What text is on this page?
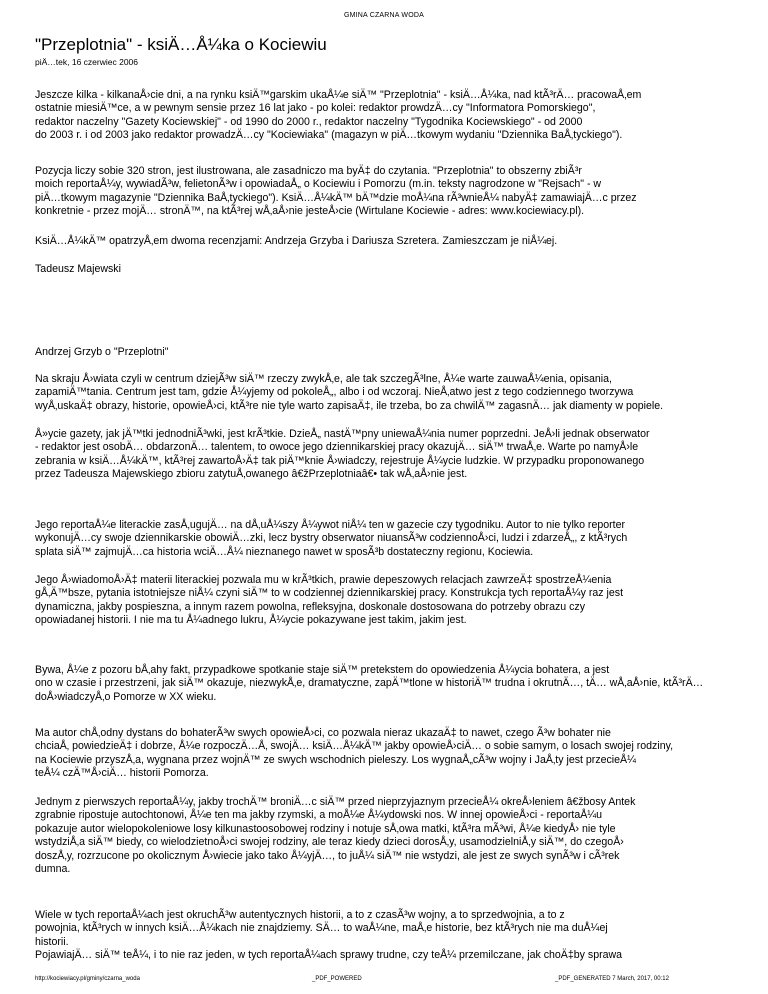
GMINA CZARNA WODA
"Przeplotnia" - ksiÄ…Å¼ka o Kociewiu
piÄ…tek, 16 czerwiec 2006
Jeszcze kilka - kilkanaÅ›cie dni, a na rynku ksiÄ™garskim ukaÅ¼e siÄ™ "Przeplotnia" - ksiÄ…Å¼ka, nad ktÃ³rÄ… pracowaÅ‚em
ostatnie miesiÄ™ce, a w pewnym sensie przez 16 lat jako - po kolei: redaktor prowdzÄ…cy "Informatora Pomorskiego",
redaktor naczelny "Gazety Kociewskiej" - od 1990 do 2000 r., redaktor naczelny "Tygodnika Kociewskiego" - od 2000
do 2003 r. i od 2003 jako redaktor prowadzÄ…cy "Kociewiaka" (magazyn w piÄ…tkowym wydaniu "Dziennika BaÅ‚tyckiego").
Pozycja liczy sobie 320 stron, jest ilustrowana, ale zasadniczo ma byÄ‡ do czytania. "Przeplotnia" to obszerny zbiÃ³r
moich reportaÅ¼y, wywiadÃ³w, felietonÃ³w i opowiadaÅ„ o Kociewiu i Pomorzu (m.in. teksty nagrodzone w "Rejsach" - w
piÄ…tkowym magazynie "Dziennika BaÅ‚tyckiego"). KsiÄ…Å¼kÄ™ bÄ™dzie moÅ¼na rÃ³wnieÅ¼ nabyÄ‡ zamawiajÄ…c przez
konkretnie - przez mojÄ… stronÄ™, na ktÃ³rej wÅ‚aÅ›nie jesteÅ›cie (Wirtulane Kociewie - adres: www.kociewiacy.pl).
KsiÄ…Å¼kÄ™ opatrzyÅ‚em dwoma recenzjami: Andrzeja Grzyba i Dariusza Szretera. Zamieszczam je niÅ¼ej.
Tadeusz Majewski
Andrzej Grzyb o "Przeplotni"
Na skraju Å›wiata czyli w centrum dziejÃ³w siÄ™ rzeczy zwykÅ‚e, ale tak szczegÃ³lne, Å¼e warte zauwaÅ¼enia, opisania,
zapamiÄ™tania. Centrum jest tam, gdzie Å¼yjemy od pokoleÅ„, albo i od wczoraj. NieÅ‚atwo jest z tego codziennego tworzywa
wyÅ‚uskaÄ‡ obrazy, historie, opowieÅ›ci, ktÃ³re nie tyle warto zapisaÄ‡, ile trzeba, bo za chwilÄ™ zagasnÄ… jak diamenty w popiele.
Å»ycie gazety, jak jÄ™tki jednodniÃ³wki, jest krÃ³tkie. DzieÅ„ nastÄ™pny uniewaÅ¼nia numer poprzedni. JeÅ›li jednak obserwator
- redaktor jest osobÄ… obdarzonÄ… talentem, to owoce jego dziennikarskiej pracy okazujÄ… siÄ™ trwaÅ‚e. Warte po namyÅ›le
zebrania w ksiÄ…Å¼kÄ™, ktÃ³rej zawartoÅ›Ä‡ tak piÄ™knie Å›wiadczy, rejestruje Å¼ycie ludzkie. W przypadku proponowanego
przez Tadeusza Majewskiego zbioru zatytuÅ‚owanego â€žPrzeplotniaâ€• tak wÅ‚aÅ›nie jest.
Jego reportaÅ¼e literackie zasÅ‚ugujÄ… na dÅ‚uÅ¼szy Å¼ywot niÅ¼ ten w gazecie czy tygodniku. Autor to nie tylko reporter
wykonujÄ…cy swoje dziennikarskie obowiÄ…zki, lecz bystry obserwator niuansÃ³w codziennoÅ›ci, ludzi i zdarzeÅ„, z ktÃ³rych
splata siÄ™ zajmujÄ…ca historia wciÄ…Å¼ nieznanego nawet w sposÃ³b dostateczny regionu, Kociewia.
Jego Å›wiadomoÅ›Ä‡ materii literackiej pozwala mu w krÃ³tkich, prawie depeszowych relacjach zawrzeÄ‡ spostrzeÅ¼enia
gÅ‚Ä™bsze, pytania istotniejsze niÅ¼ czyni siÄ™ to w codziennej dziennikarskiej pracy. Konstrukcja tych reportaÅ¼y raz jest
dynamiczna, jakby pospieszna, a innym razem powolna, refleksyjna, doskonale dostosowana do potrzeby obrazu czy
opowiadanej historii. I nie ma tu Å¼adnego lukru, Å¼ycie pokazywane jest takim, jakim jest.
Bywa, Å¼e z pozoru bÅ‚ahy fakt, przypadkowe spotkanie staje siÄ™ pretekstem do opowiedzenia Å¼ycia bohatera, a jest
ono w czasie i przestrzeni, jak siÄ™ okazuje, niezwykÅ‚e, dramatyczne, zapÄ™tlone w historiÄ™ trudna i okrutnÄ…, tÄ… wÅ‚aÅ›nie, ktÃ³rÄ…
doÅ›wiadczyÅ‚o Pomorze w XX wieku.
Ma autor chÅ‚odny dystans do bohaterÃ³w swych opowieÅ›ci, co pozwala nieraz ukazaÄ‡ to nawet, czego Ã³w bohater nie
chciaÅ‚ powiedzieÄ‡ i dobrze, Å¼e rozpoczÄ…Å‚ swojÄ… ksiÄ…Å¼kÄ™ jakby opowieÅ›ciÄ… o sobie samym, o losach swojej rodziny,
na Kociewie przyszÅ‚a, wygnana przez wojnÄ™ ze swych wschodnich pieleszy. Los wygnaÅ„cÃ³w wojny i JaÅ‚ty jest przecieÅ¼
teÅ¼ czÄ™Å›ciÄ… historii Pomorza.
Jednym z pierwszych reportaÅ¼y, jakby trochÄ™ broniÄ…c siÄ™ przed nieprzyjaznym przecieÅ¼ okreÅ›leniem â€žbosy Antek
zgrabnie ripostuje autochtonowi, Å¼e ten ma jakby rzymski, a moÅ¼e Å¼ydowski nos. W innej opowieÅ›ci - reportaÅ¼u
pokazuje autor wielopokoleniowe losy kilkunastoosobowej rodziny i notuje sÅ‚owa matki, ktÃ³ra mÃ³wi, Å¼e kiedyÅ› nie tyle
wstydziÅ‚a siÄ™ biedy, co wielodzietnoÅ›ci swojej rodziny, ale teraz kiedy dzieci dorosÅ‚y, usamodzielniÅ‚y siÄ™, do czegoÅ›
doszÅ‚y, rozrzucone po okolicznym Å›wiecie jako tako Å¼yjÄ…, to juÅ¼ siÄ™ nie wstydzi, ale jest ze swych synÃ³w i cÃ³rek
dumna.
Wiele w tych reportaÅ¼ach jest okruchÃ³w autentycznych historii, a to z czasÃ³w wojny, a to sprzedwojnia, a to z
powojnia, ktÃ³rych w innych ksiÄ…Å¼kach nie znajdziemy. SÄ… to waÅ¼ne, maÅ‚e historie, bez ktÃ³rych nie ma duÅ¼ej
historii.
PojawiajÄ… siÄ™ teÅ¼, i to nie raz jeden, w tych reportaÅ¼ach sprawy trudne, czy teÅ¼ przemilczane, jak choÄ‡by sprawa
http://kociewiacy.pl/gminy/czarna_woda	_PDF_POWERED	_PDF_GENERATED 7 March, 2017, 00:12
